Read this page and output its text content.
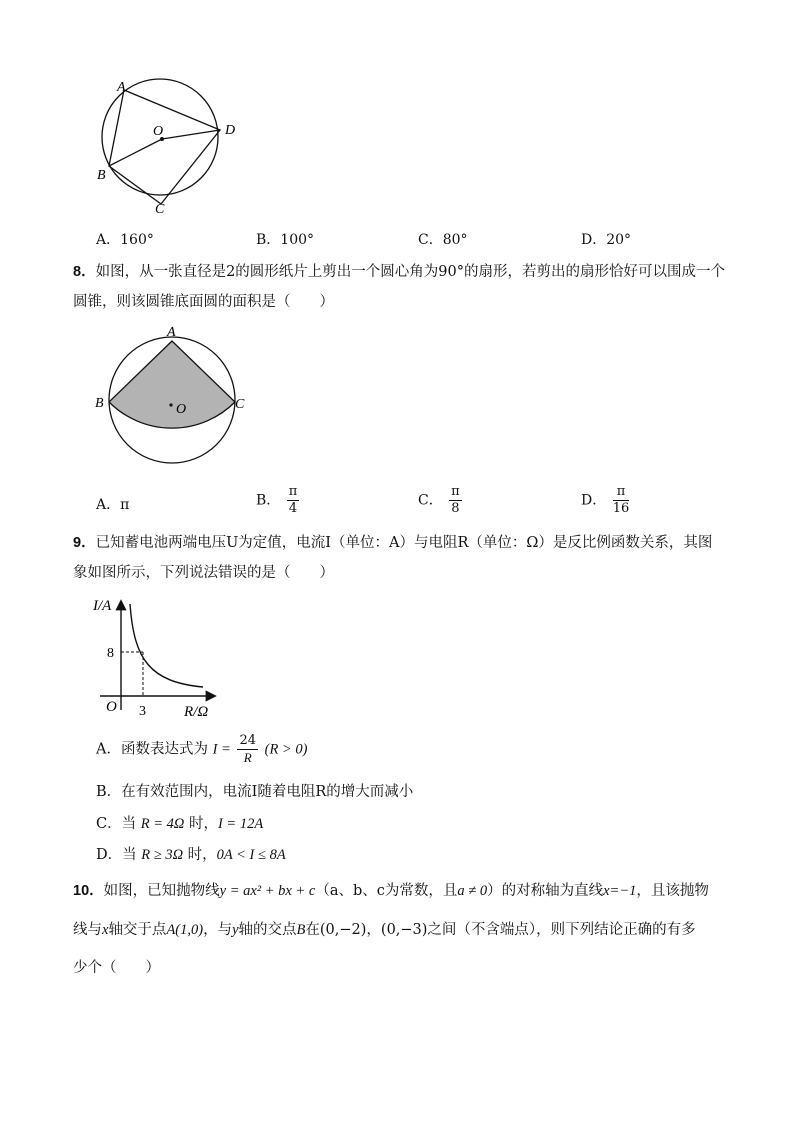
A
O	D
B
C
A．160°	B．100°	C．80°	D．20°
8．如图，从一张直径是2的圆形纸片上剪出一个圆心角为90°的扇形，若剪出的扇形恰好可以围成一个
圆锥，则该圆锥底面圆的面积是（　　）
A
B	C
O
A．π	B． $\frac{\pi}{4}$	C． $\frac{\pi}{8}$	D． $\frac{\pi}{16}$
9．已知蓄电池两端电压U为定值，电流I（单位：A）与电阻R（单位：Ω）是反比例函数关系，其图
象如图所示，下列说法错误的是（　　）
I/A
8
O 3	R/Ω
A．函数表达式为 $I = \frac{24}{R} (R > 0)$
B．在有效范围内，电流I随着电阻R的增大而减小
C．当 R = 4Ω 时，I = 12A
D．当 R ≥ 3Ω 时，0A < I ≤ 8A
10．如图，已知抛物线y = ax² + bx + c（a、b、c为常数，且a ≠ 0）的对称轴为直线x=−1，且该抛物
线与x轴交于点A(1,0)，与y轴的交点B在(0,−2)，(0,−3)之间（不含端点），则下列结论正确的有多
少个（　　）
